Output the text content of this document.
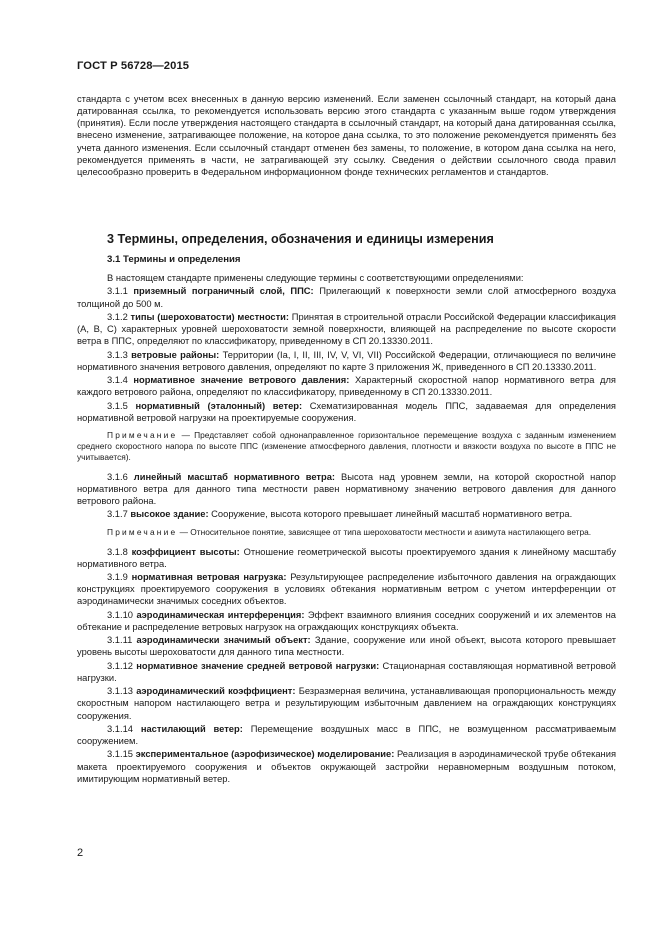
ГОСТ Р 56728—2015

стандарта с учетом всех внесенных в данную версию изменений. Если заменен ссылочный стандарт, на который дана датированная ссылка, то рекомендуется использовать версию этого стандарта с указанным выше годом утверждения (принятия). Если после утверждения настоящего стандарта в ссылочный стандарт, на который дана датированная ссылка, внесено изменение, затрагивающее положение, на которое дана ссылка, то это положение рекомендуется применять без учета данного изменения. Если ссылочный стандарт отменен без замены, то положение, в котором дана ссылка на него, рекомендуется применять в части, не затрагивающей эту ссылку. Сведения о действии ссылочного свода правил целесообразно проверить в Федеральном информационном фонде технических регламентов и стандартов.

3 Термины, определения, обозначения и единицы измерения
3.1 Термины и определения

В настоящем стандарте применены следующие термины с соответствующими определениями:

3.1.1 приземный пограничный слой, ППС: Прилегающий к поверхности земли слой атмосферного воздуха толщиной до 500 м.

3.1.2 типы (шероховатости) местности: Принятая в строительной отрасли Российской Федерации классификация (А, В, С) характерных уровней шероховатости земной поверхности, влияющей на распределение по высоте скорости ветра в ППС, определяют по классификатору, приведенному в СП 20.13330.2011.

3.1.3 ветровые районы: Территории (Iа, I, II, III, IV, V, VI, VII) Российской Федерации, отличающиеся по величине нормативного значения ветрового давления, определяют по карте 3 приложения Ж, приведенного в СП 20.13330.2011.

3.1.4 нормативное значение ветрового давления: Характерный скоростной напор нормативного ветра для каждого ветрового района, определяют по классификатору, приведенному в СП 20.13330.2011.

3.1.5 нормативный (эталонный) ветер: Схематизированная модель ППС, задаваемая для определения нормативной ветровой нагрузки на проектируемые сооружения.

Примечание — Представляет собой однонаправленное горизонтальное перемещение воздуха с заданным изменением среднего скоростного напора по высоте ППС (изменение атмосферного давления, плотности и вязкости воздуха по высоте в ППС не учитывается).

3.1.6 линейный масштаб нормативного ветра: Высота над уровнем земли, на которой скоростной напор нормативного ветра для данного типа местности равен нормативному значению ветрового давления для данного ветрового района.

3.1.7 высокое здание: Сооружение, высота которого превышает линейный масштаб нормативного ветра.

Примечание — Относительное понятие, зависящее от типа шероховатости местности и азимута настилающего ветра.

3.1.8 коэффициент высоты: Отношение геометрической высоты проектируемого здания к линейному масштабу нормативного ветра.

3.1.9 нормативная ветровая нагрузка: Результирующее распределение избыточного давления на ограждающих конструкциях проектируемого сооружения в условиях обтекания нормативным ветром с учетом интерференции от аэродинамически значимых соседних объектов.

3.1.10 аэродинамическая интерференция: Эффект взаимного влияния соседних сооружений и их элементов на обтекание и распределение ветровых нагрузок на ограждающих конструкциях объекта.

3.1.11 аэродинамически значимый объект: Здание, сооружение или иной объект, высота которого превышает уровень высоты шероховатости для данного типа местности.

3.1.12 нормативное значение средней ветровой нагрузки: Стационарная составляющая нормативной ветровой нагрузки.

3.1.13 аэродинамический коэффициент: Безразмерная величина, устанавливающая пропорциональность между скоростным напором настилающего ветра и результирующим избыточным давлением на ограждающих конструкциях сооружения.

3.1.14 настилающий ветер: Перемещение воздушных масс в ППС, не возмущенном рассматриваемым сооружением.

3.1.15 экспериментальное (аэрофизическое) моделирование: Реализация в аэродинамической трубе обтекания макета проектируемого сооружения и объектов окружающей застройки неравномерным воздушным потоком, имитирующим нормативный ветер.

2
